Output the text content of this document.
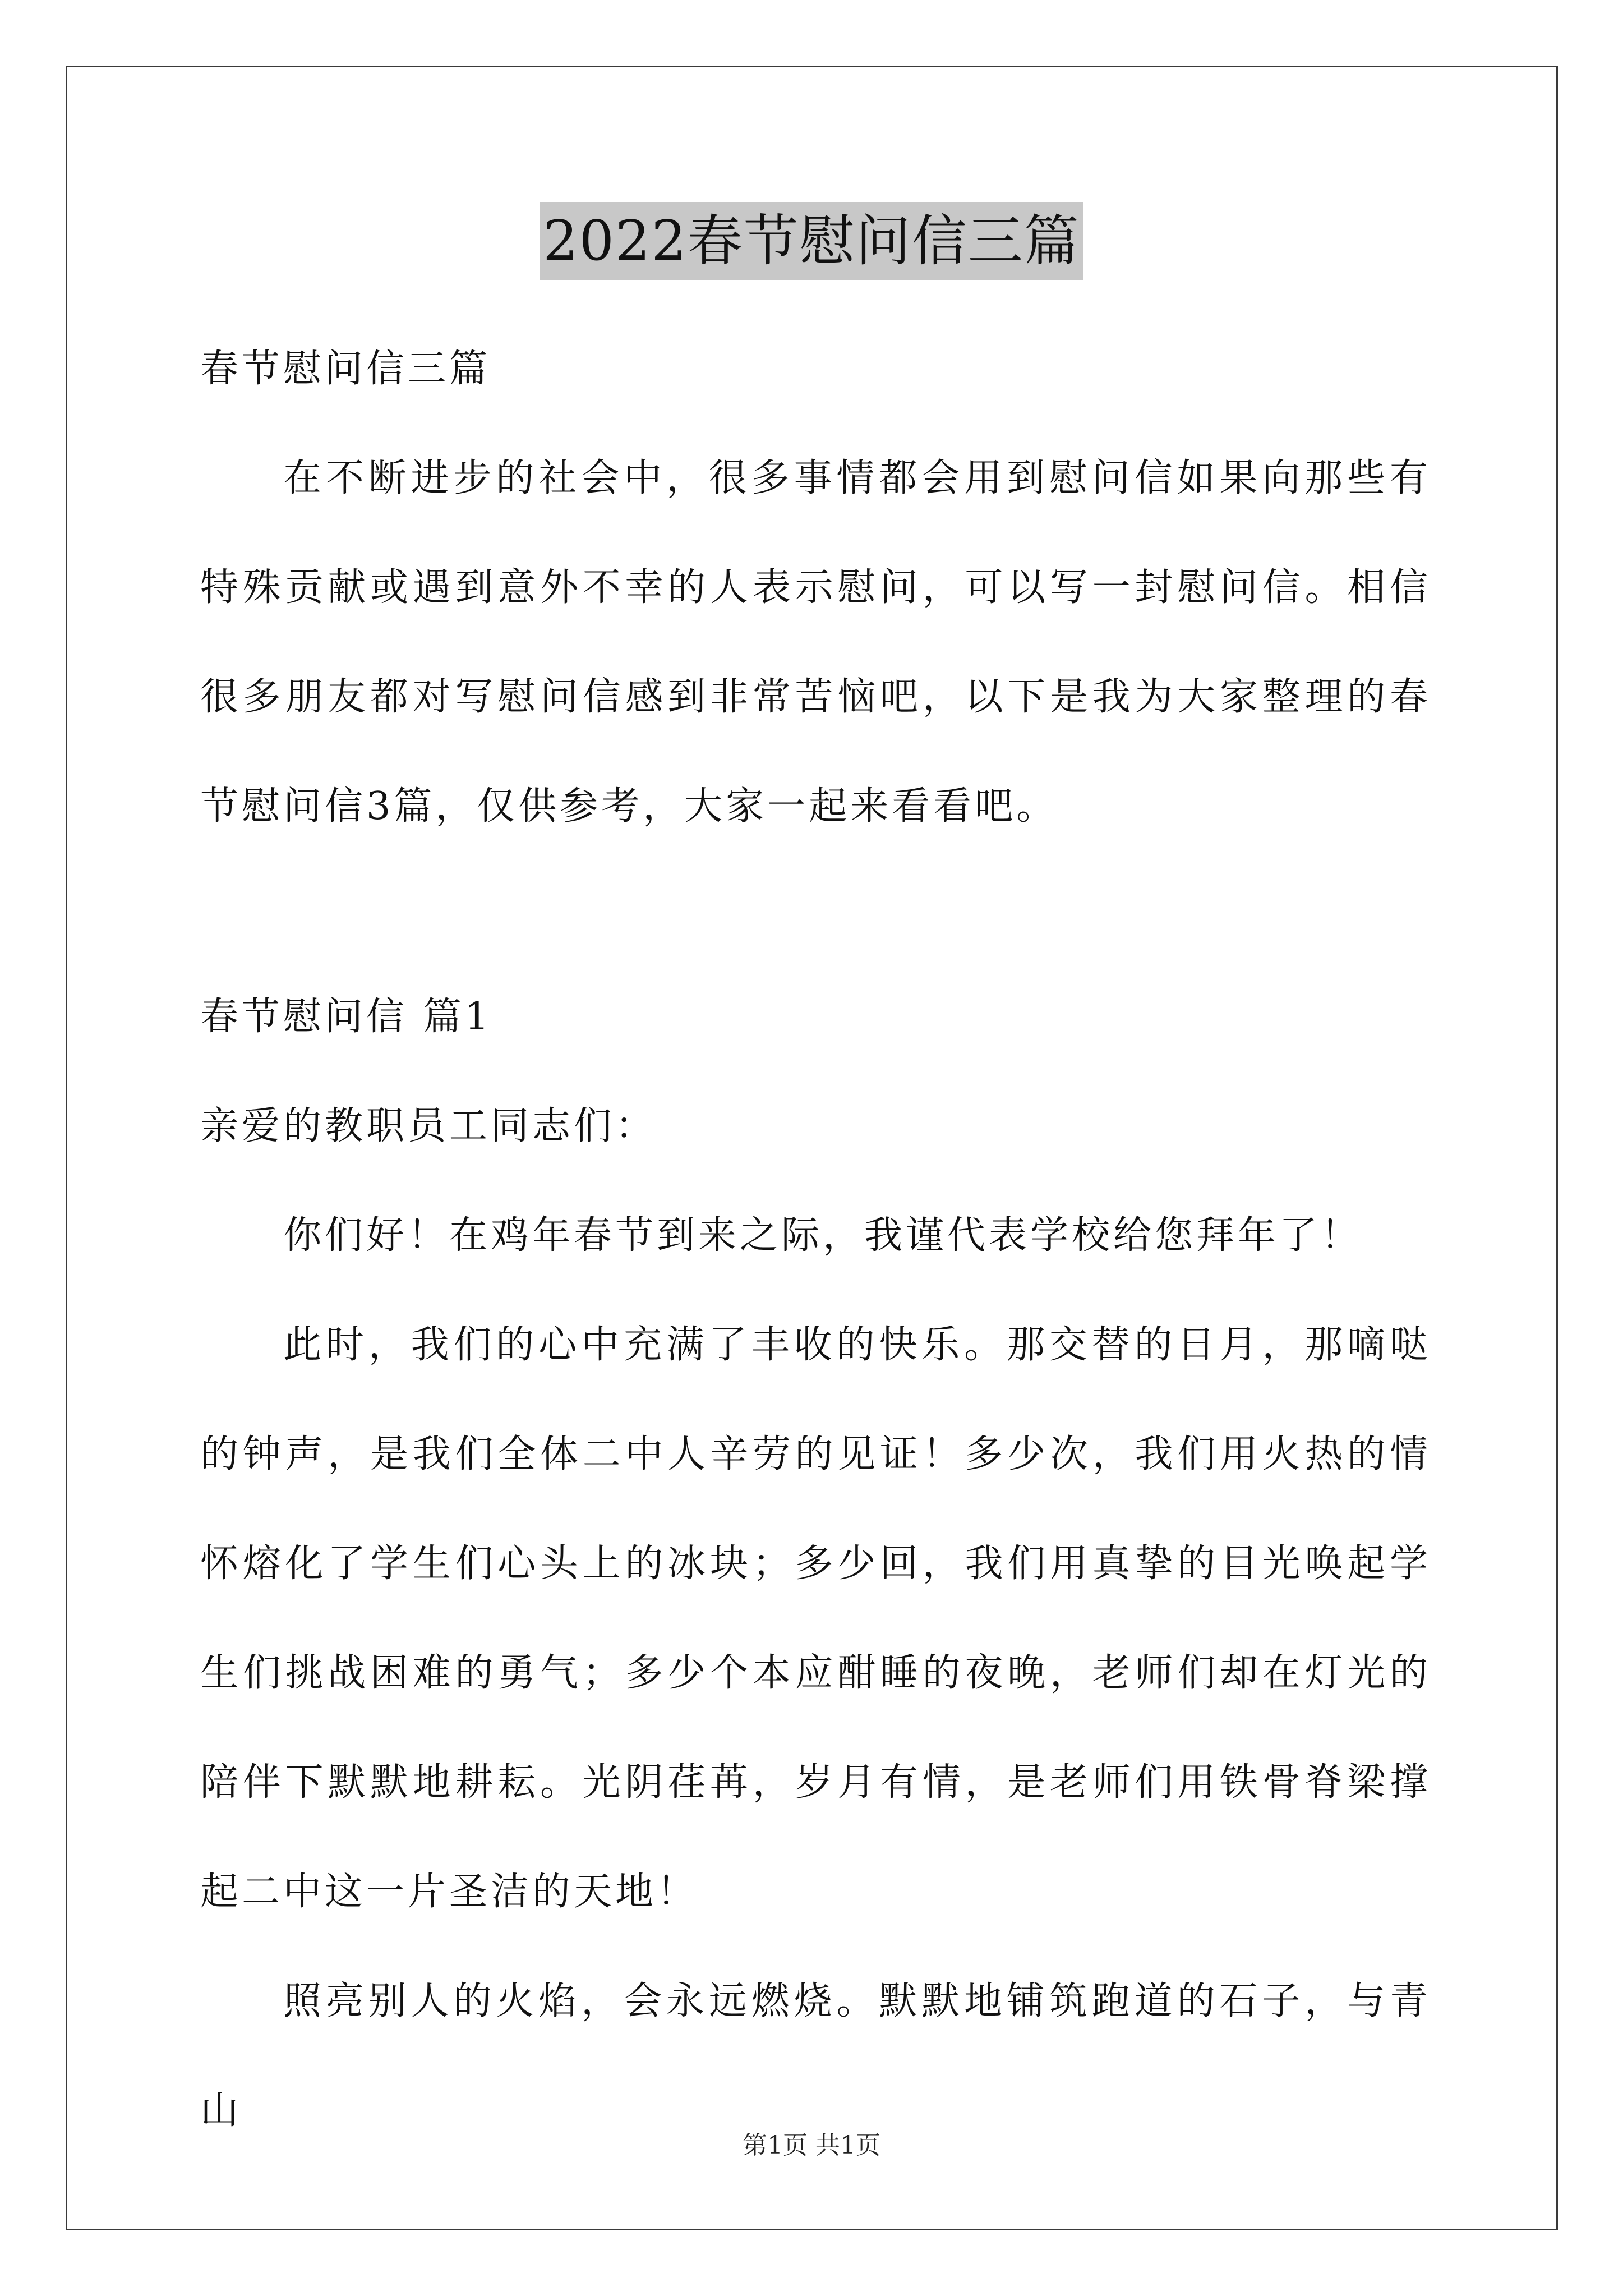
2022春节慰问信三篇

春节慰问信三篇

在不断进步的社会中，很多事情都会用到慰问信如果向那些有特殊贡献或遇到意外不幸的人表示慰问，可以写一封慰问信。相信很多朋友都对写慰问信感到非常苦恼吧，以下是我为大家整理的春节慰问信3篇，仅供参考，大家一起来看看吧。

春节慰问信 篇1

亲爱的教职员工同志们：

你们好！在鸡年春节到来之际，我谨代表学校给您拜年了！

此时，我们的心中充满了丰收的快乐。那交替的日月，那嘀哒的钟声，是我们全体二中人辛劳的见证！多少次，我们用火热的情怀熔化了学生们心头上的冰块；多少回，我们用真挚的目光唤起学生们挑战困难的勇气；多少个本应酣睡的夜晚，老师们却在灯光的陪伴下默默地耕耘。光阴荏苒，岁月有情，是老师们用铁骨脊梁撑起二中这一片圣洁的天地！

照亮别人的火焰，会永远燃烧。默默地铺筑跑道的石子，与青山

第1页 共1页
